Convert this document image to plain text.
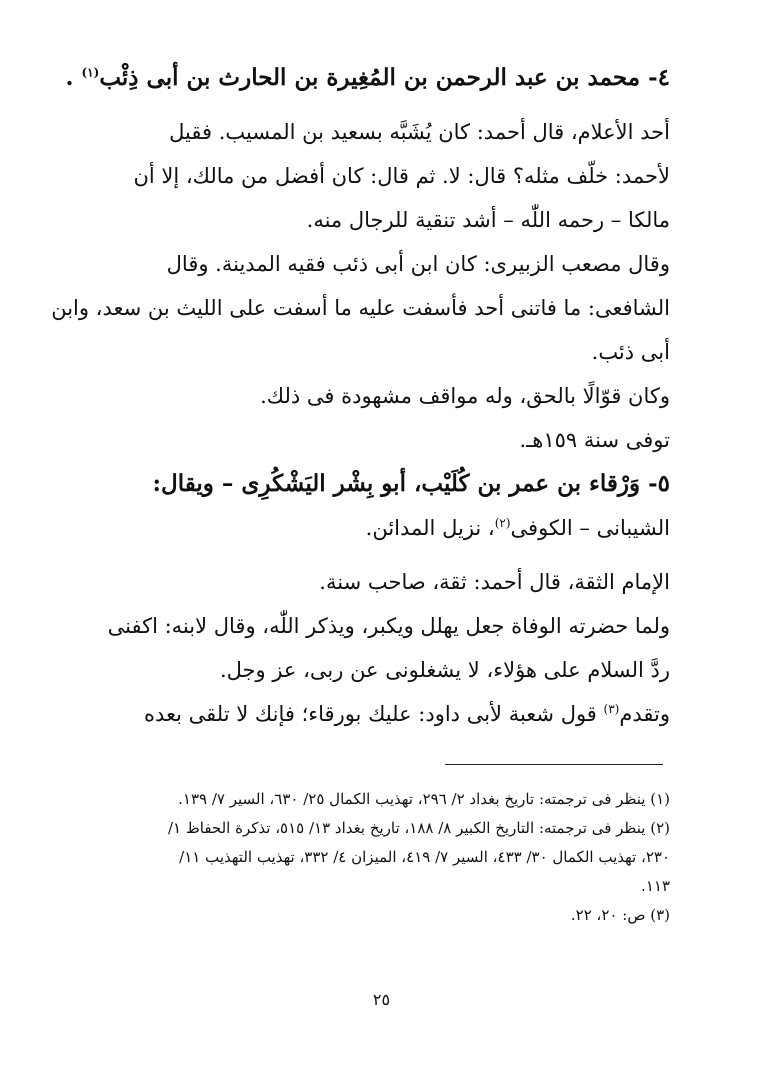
٤- محمد بن عبد الرحمن بن المُغِيرة بن الحارث بن أبى ذِئْب$^{(١)}$ .
أحد الأعلام، قال أحمد: كان يُشَبَّه بسعيد بن المسيب. فقيل
لأحمد: خلّف مثله؟ قال: لا. ثم قال: كان أفضل من مالك، إلا أن
مالكا – رحمه اللّٰه – أشد تنقية للرجال منه.
وقال مصعب الزبيرى: كان ابن أبى ذئب فقيه المدينة. وقال
الشافعى: ما فاتنى أحد فأسفت عليه ما أسفت على الليث بن سعد، وابن
أبى ذئب.
وكان قوّالًا بالحق، وله مواقف مشهودة فى ذلك.
توفى سنة ١٥٩هـ.
٥- وَرْقاء بن عمر بن كُلَيْب، أبو بِشْر اليَشْكُرِى – ويقال:
الشيبانى – الكوفى$^{(٢)}$، نزيل المدائن.
الإمام الثقة، قال أحمد: ثقة، صاحب سنة.
ولما حضرته الوفاة جعل يهلل ويكبر، ويذكر اللّٰه، وقال لابنه: اكفنى
ردَّ السلام على هؤلاء، لا يشغلونى عن ربى، عز وجل.
وتقدم$^{(٣)}$ قول شعبة لأبى داود: عليك بورقاء؛ فإنك لا تلقى بعده
(١) ينظر فى ترجمته: تاريخ بغداد ٢/ ٢٩٦، تهذيب الكمال ٢٥/ ٦٣٠، السير ٧/ ١٣٩.
(٢) ينظر فى ترجمته: التاريخ الكبير ٨/ ١٨٨، تاريخ بغداد ١٣/ ٥١٥، تذكرة الحفاظ ١/
٢٣٠، تهذيب الكمال ٣٠/ ٤٣٣، السير ٧/ ٤١٩، الميزان ٤/ ٣٣٢، تهذيب التهذيب ١١/
١١٣.
(٣) ص: ٢٠، ٢٢.
٢٥
